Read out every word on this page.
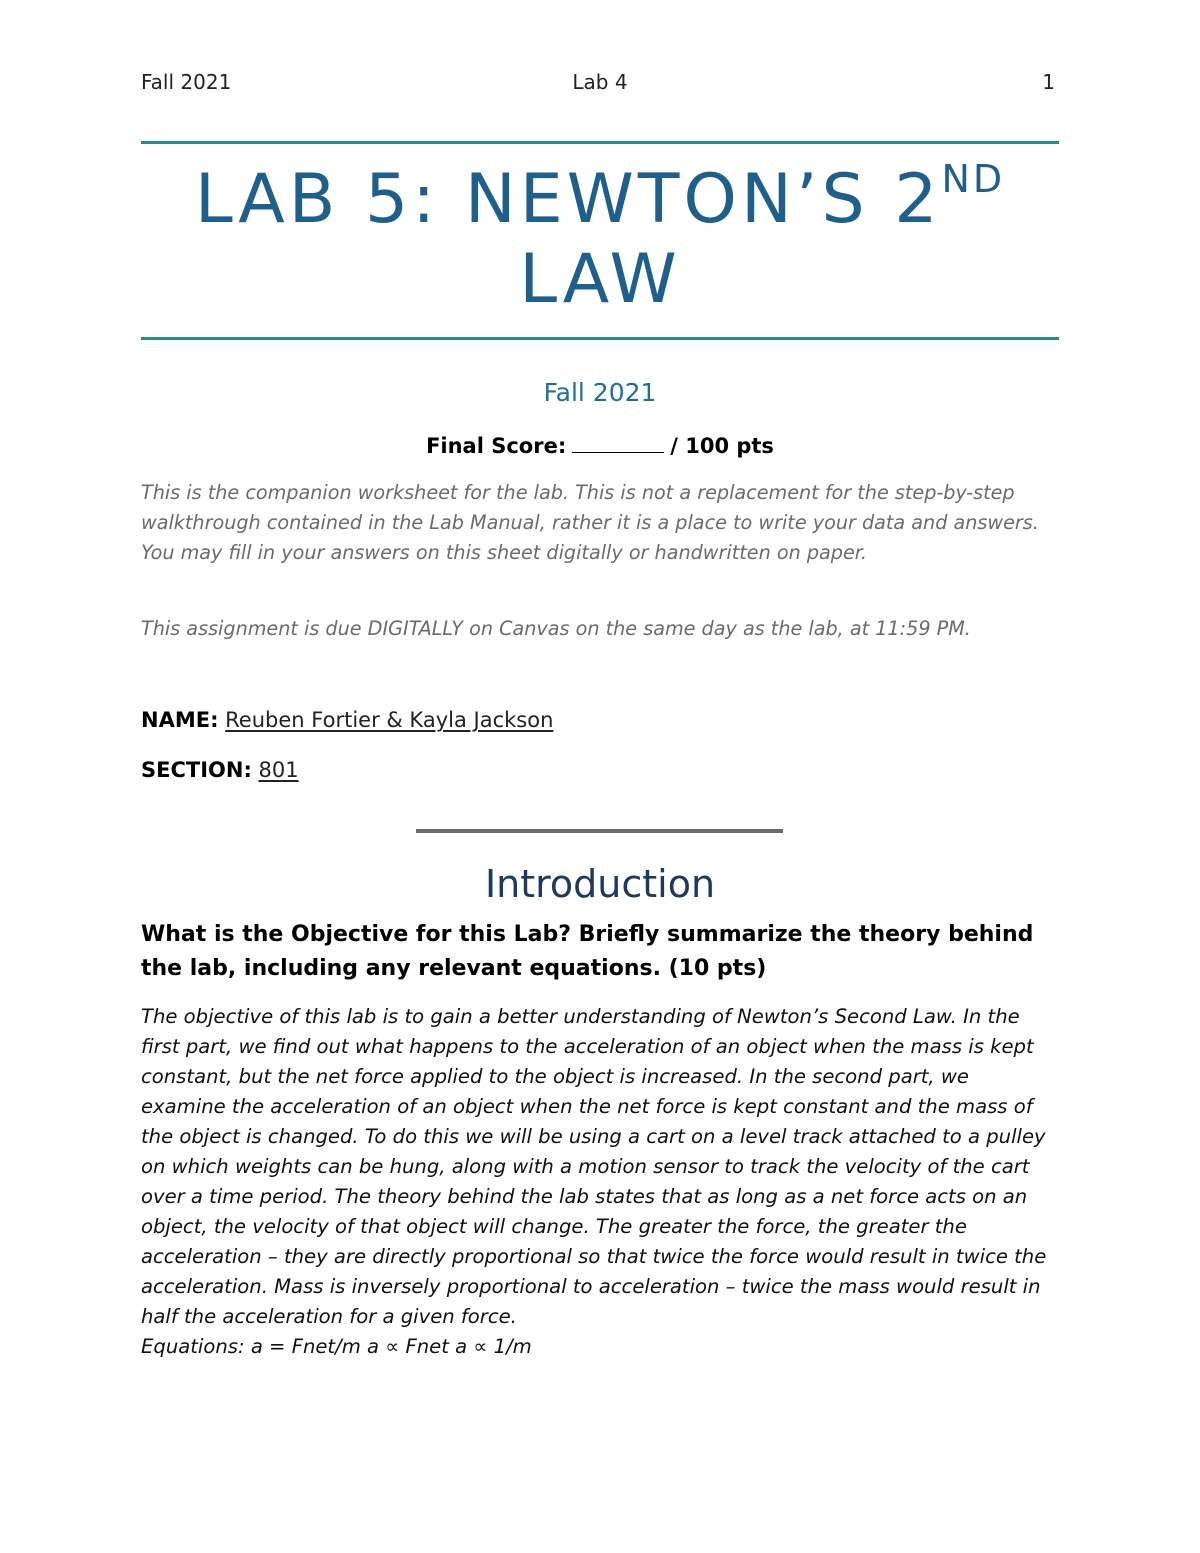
Fall 2021	Lab 4	1
LAB 5: NEWTON’S 2ND
LAW
Fall 2021
Final Score:	/ 100 pts

This is the companion worksheet for the lab. This is not a replacement for the step-by-step walkthrough contained in the Lab Manual, rather it is a place to write your data and answers. You may fill in your answers on this sheet digitally or handwritten on paper.

This assignment is due DIGITALLY on Canvas on the same day as the lab, at 11:59 PM.

NAME: Reuben Fortier & Kayla Jackson
SECTION: 801
Introduction

What is the Objective for this Lab? Briefly summarize the theory behind the lab, including any relevant equations. (10 pts)

The objective of this lab is to gain a better understanding of Newton’s Second Law. In the first part, we find out what happens to the acceleration of an object when the mass is kept constant, but the net force applied to the object is increased. In the second part, we examine the acceleration of an object when the net force is kept constant and the mass of the object is changed. To do this we will be using a cart on a level track attached to a pulley on which weights can be hung, along with a motion sensor to track the velocity of the cart over a time period. The theory behind the lab states that as long as a net force acts on an object, the velocity of that object will change. The greater the force, the greater the acceleration – they are directly proportional so that twice the force would result in twice the acceleration. Mass is inversely proportional to acceleration – twice the mass would result in half the acceleration for a given force.
Equations: a = Fnet/m a ∝ Fnet a ∝ 1/m
